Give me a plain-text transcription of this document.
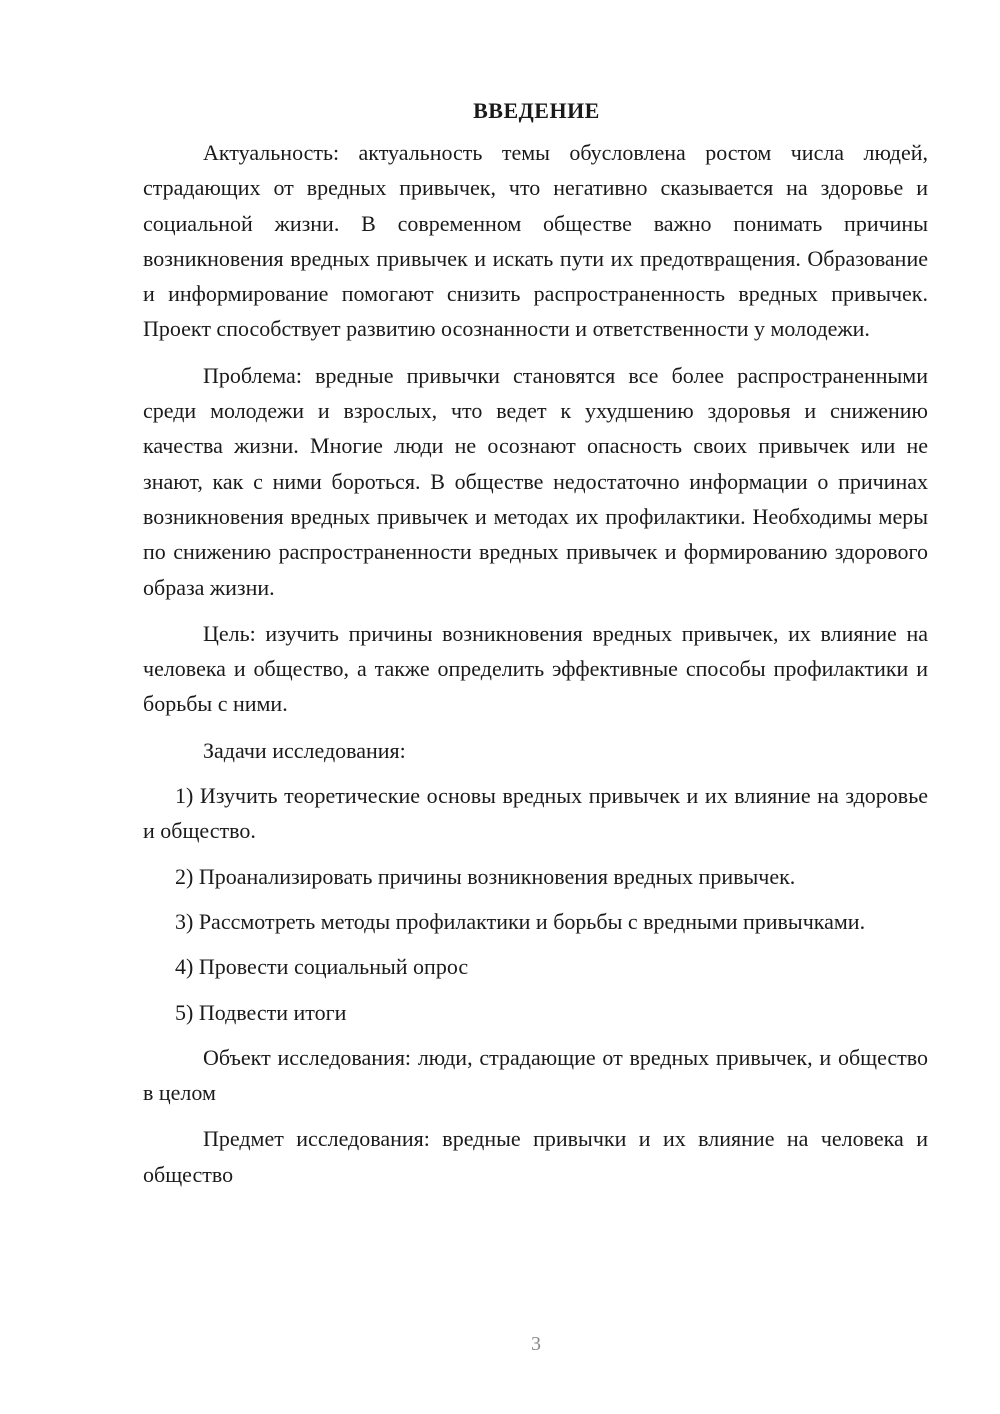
ВВЕДЕНИЕ

Актуальность: актуальность темы обусловлена ростом числа людей, страдающих от вредных привычек, что негативно сказывается на здоровье и социальной жизни. В современном обществе важно понимать причины возникновения вредных привычек и искать пути их предотвращения. Образование и информирование помогают снизить распространенность вредных привычек. Проект способствует развитию осознанности и ответственности у молодежи.

Проблема: вредные привычки становятся все более распространенными среди молодежи и взрослых, что ведет к ухудшению здоровья и снижению качества жизни. Многие люди не осознают опасность своих привычек или не знают, как с ними бороться. В обществе недостаточно информации о причинах возникновения вредных привычек и методах их профилактики. Необходимы меры по снижению распространенности вредных привычек и формированию здорового образа жизни.

Цель: изучить причины возникновения вредных привычек, их влияние на человека и общество, а также определить эффективные способы профилактики и борьбы с ними.

Задачи исследования:

1) Изучить теоретические основы вредных привычек и их влияние на здоровье и общество.

2) Проанализировать причины возникновения вредных привычек.

3) Рассмотреть методы профилактики и борьбы с вредными привычками.

4) Провести социальный опрос

5) Подвести итоги

Объект исследования: люди, страдающие от вредных привычек, и общество в целом

Предмет исследования: вредные привычки и их влияние на человека и общество

3
